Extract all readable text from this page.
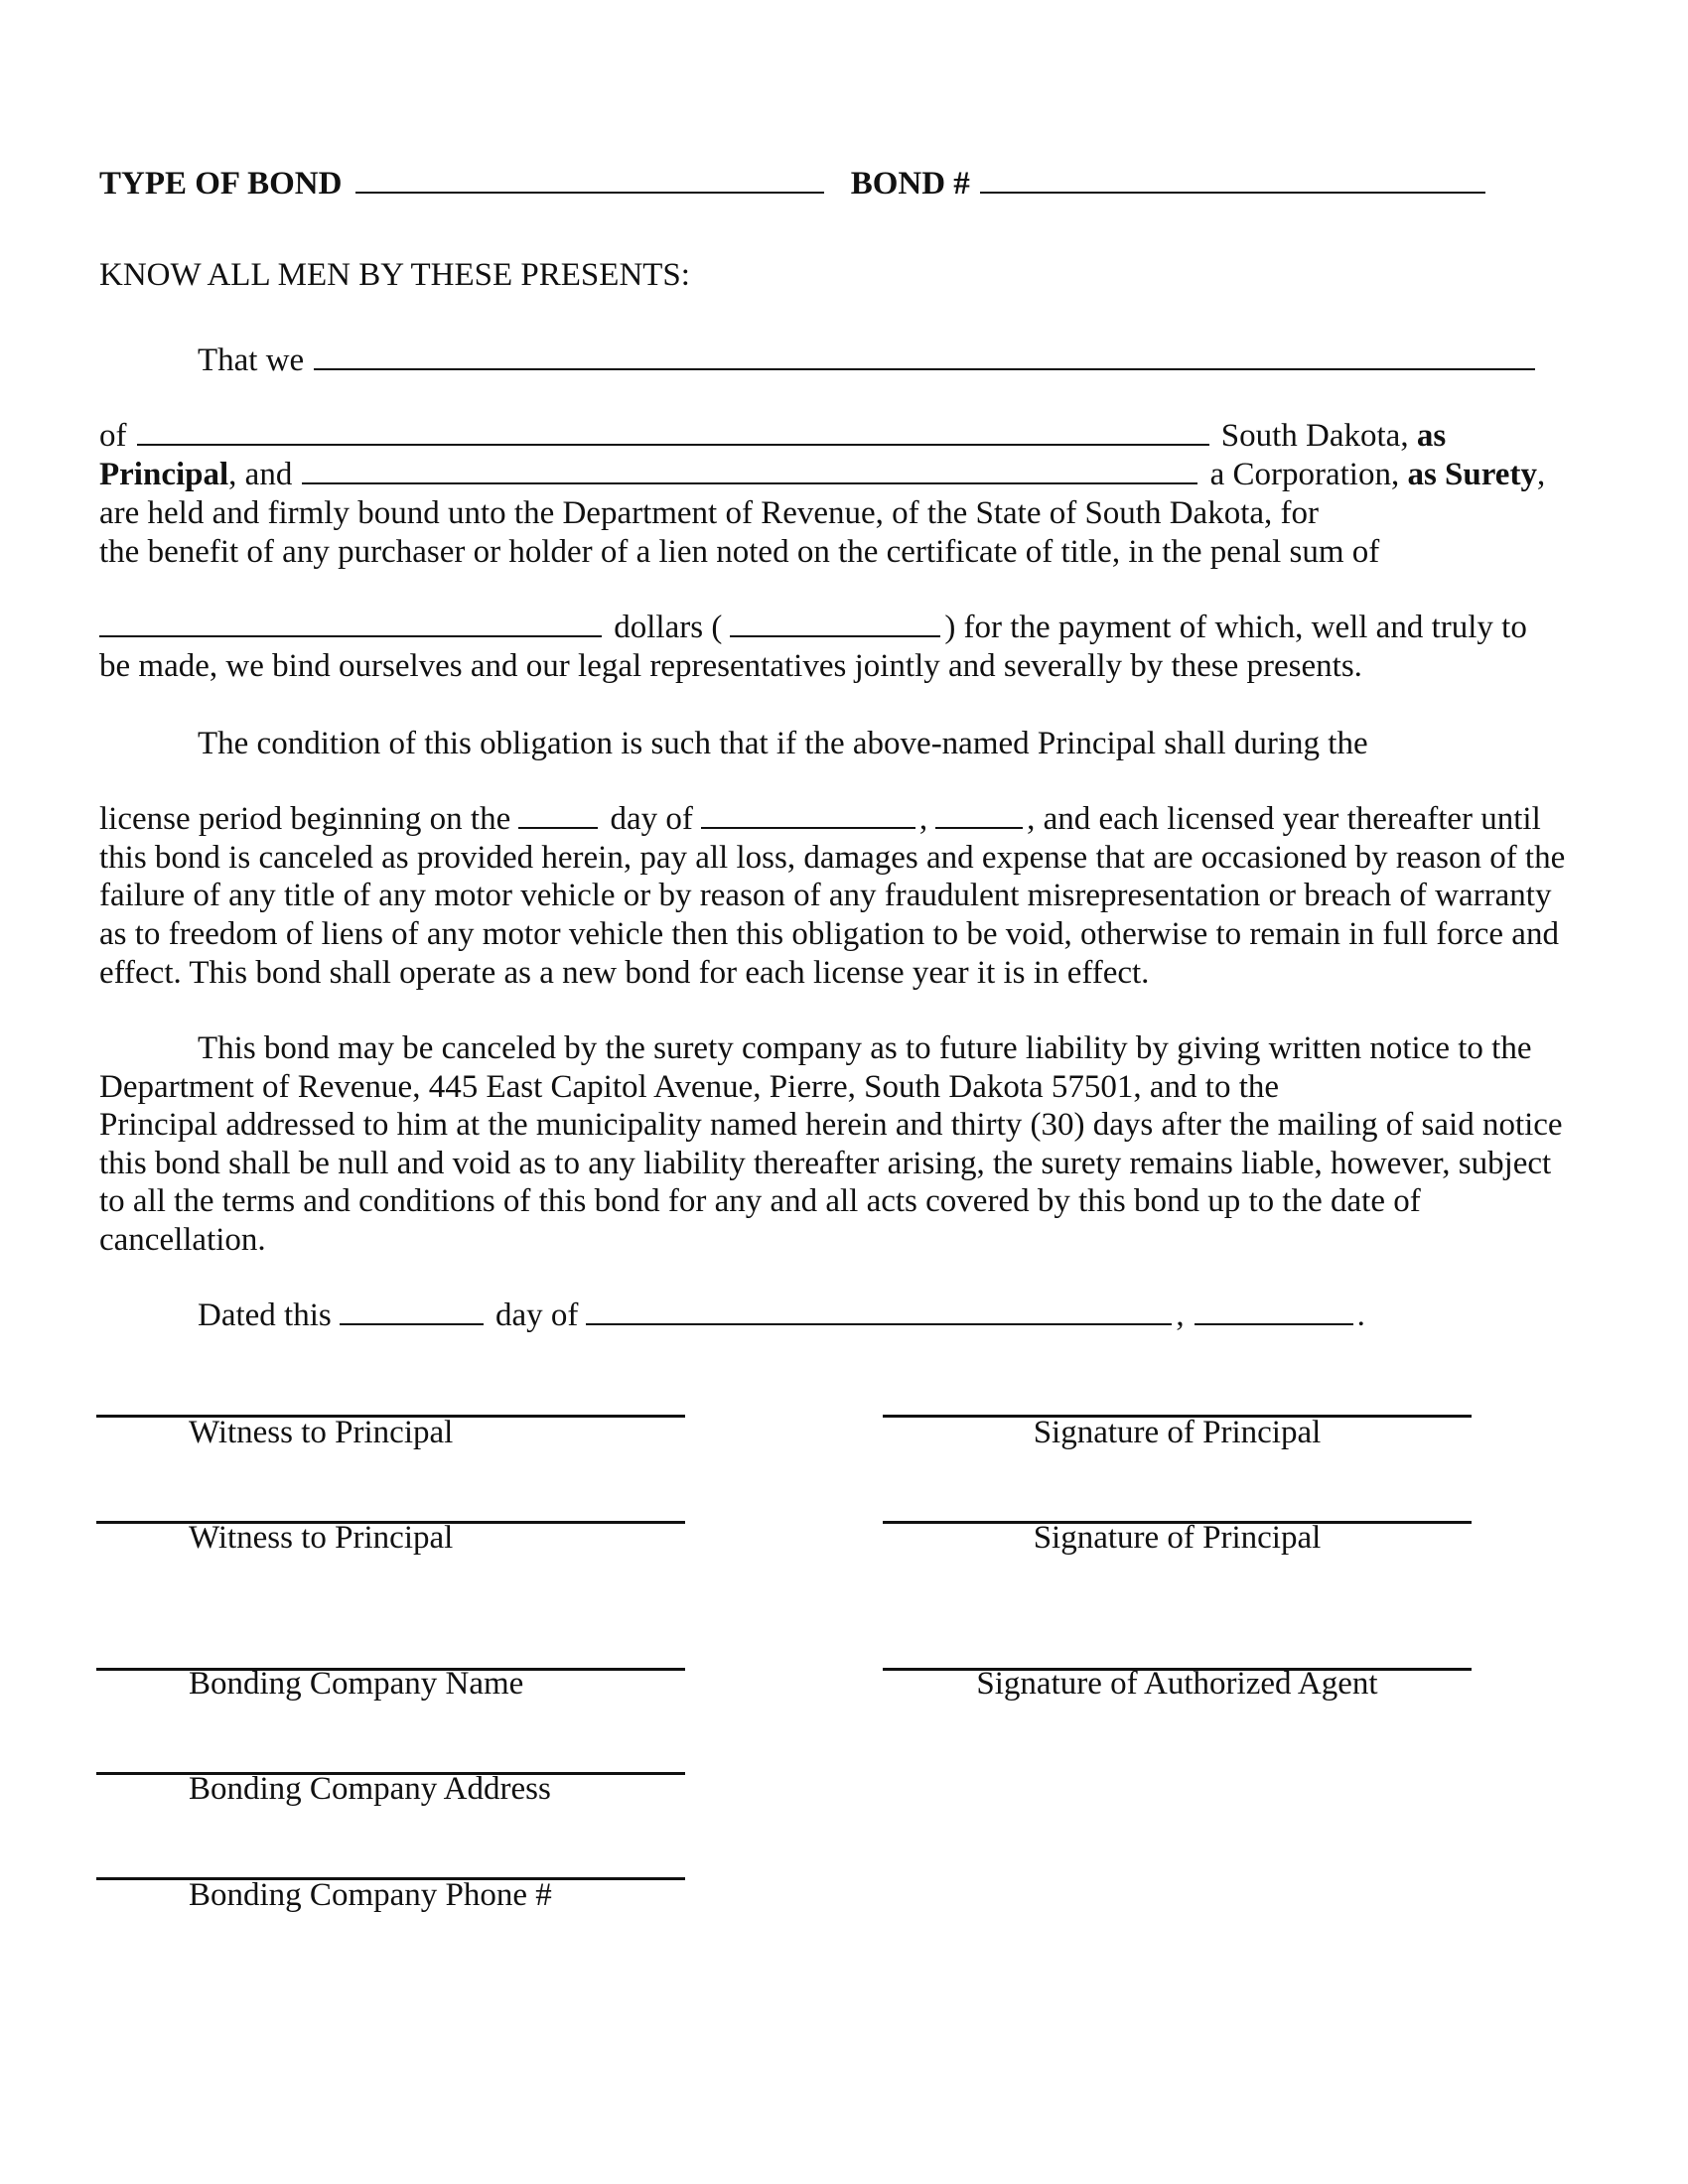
TYPE OF BOND	BOND #
KNOW ALL MEN BY THESE PRESENTS:
That we
of	South Dakota, as
Principal, and	a Corporation, as Surety,
are held and firmly bound unto the Department of Revenue, of the State of South Dakota, for
the benefit of any purchaser or holder of a lien noted on the certificate of title, in the penal sum of
dollars (	) for the payment of which, well and truly to
be made, we bind ourselves and our legal representatives jointly and severally by these presents.
The condition of this obligation is such that if the above-named Principal shall during the
license period beginning on the	day of	,	, and each licensed year thereafter until
this bond is canceled as provided herein, pay all loss, damages and expense that are occasioned by reason of the
failure of any title of any motor vehicle or by reason of any fraudulent misrepresentation or breach of warranty
as to freedom of liens of any motor vehicle then this obligation to be void, otherwise to remain in full force and
effect. This bond shall operate as a new bond for each license year it is in effect.
This bond may be canceled by the surety company as to future liability by giving written notice to the
Department of Revenue, 445 East Capitol Avenue, Pierre, South Dakota 57501, and to the
Principal addressed to him at the municipality named herein and thirty (30) days after the mailing of said notice
this bond shall be null and void as to any liability thereafter arising, the surety remains liable, however, subject
to all the terms and conditions of this bond for any and all acts covered by this bond up to the date of
cancellation.
Dated this	day of	,	.
Witness to Principal	Signature of Principal
Witness to Principal	Signature of Principal
Bonding Company Name	Signature of Authorized Agent
Bonding Company Address
Bonding Company Phone #
